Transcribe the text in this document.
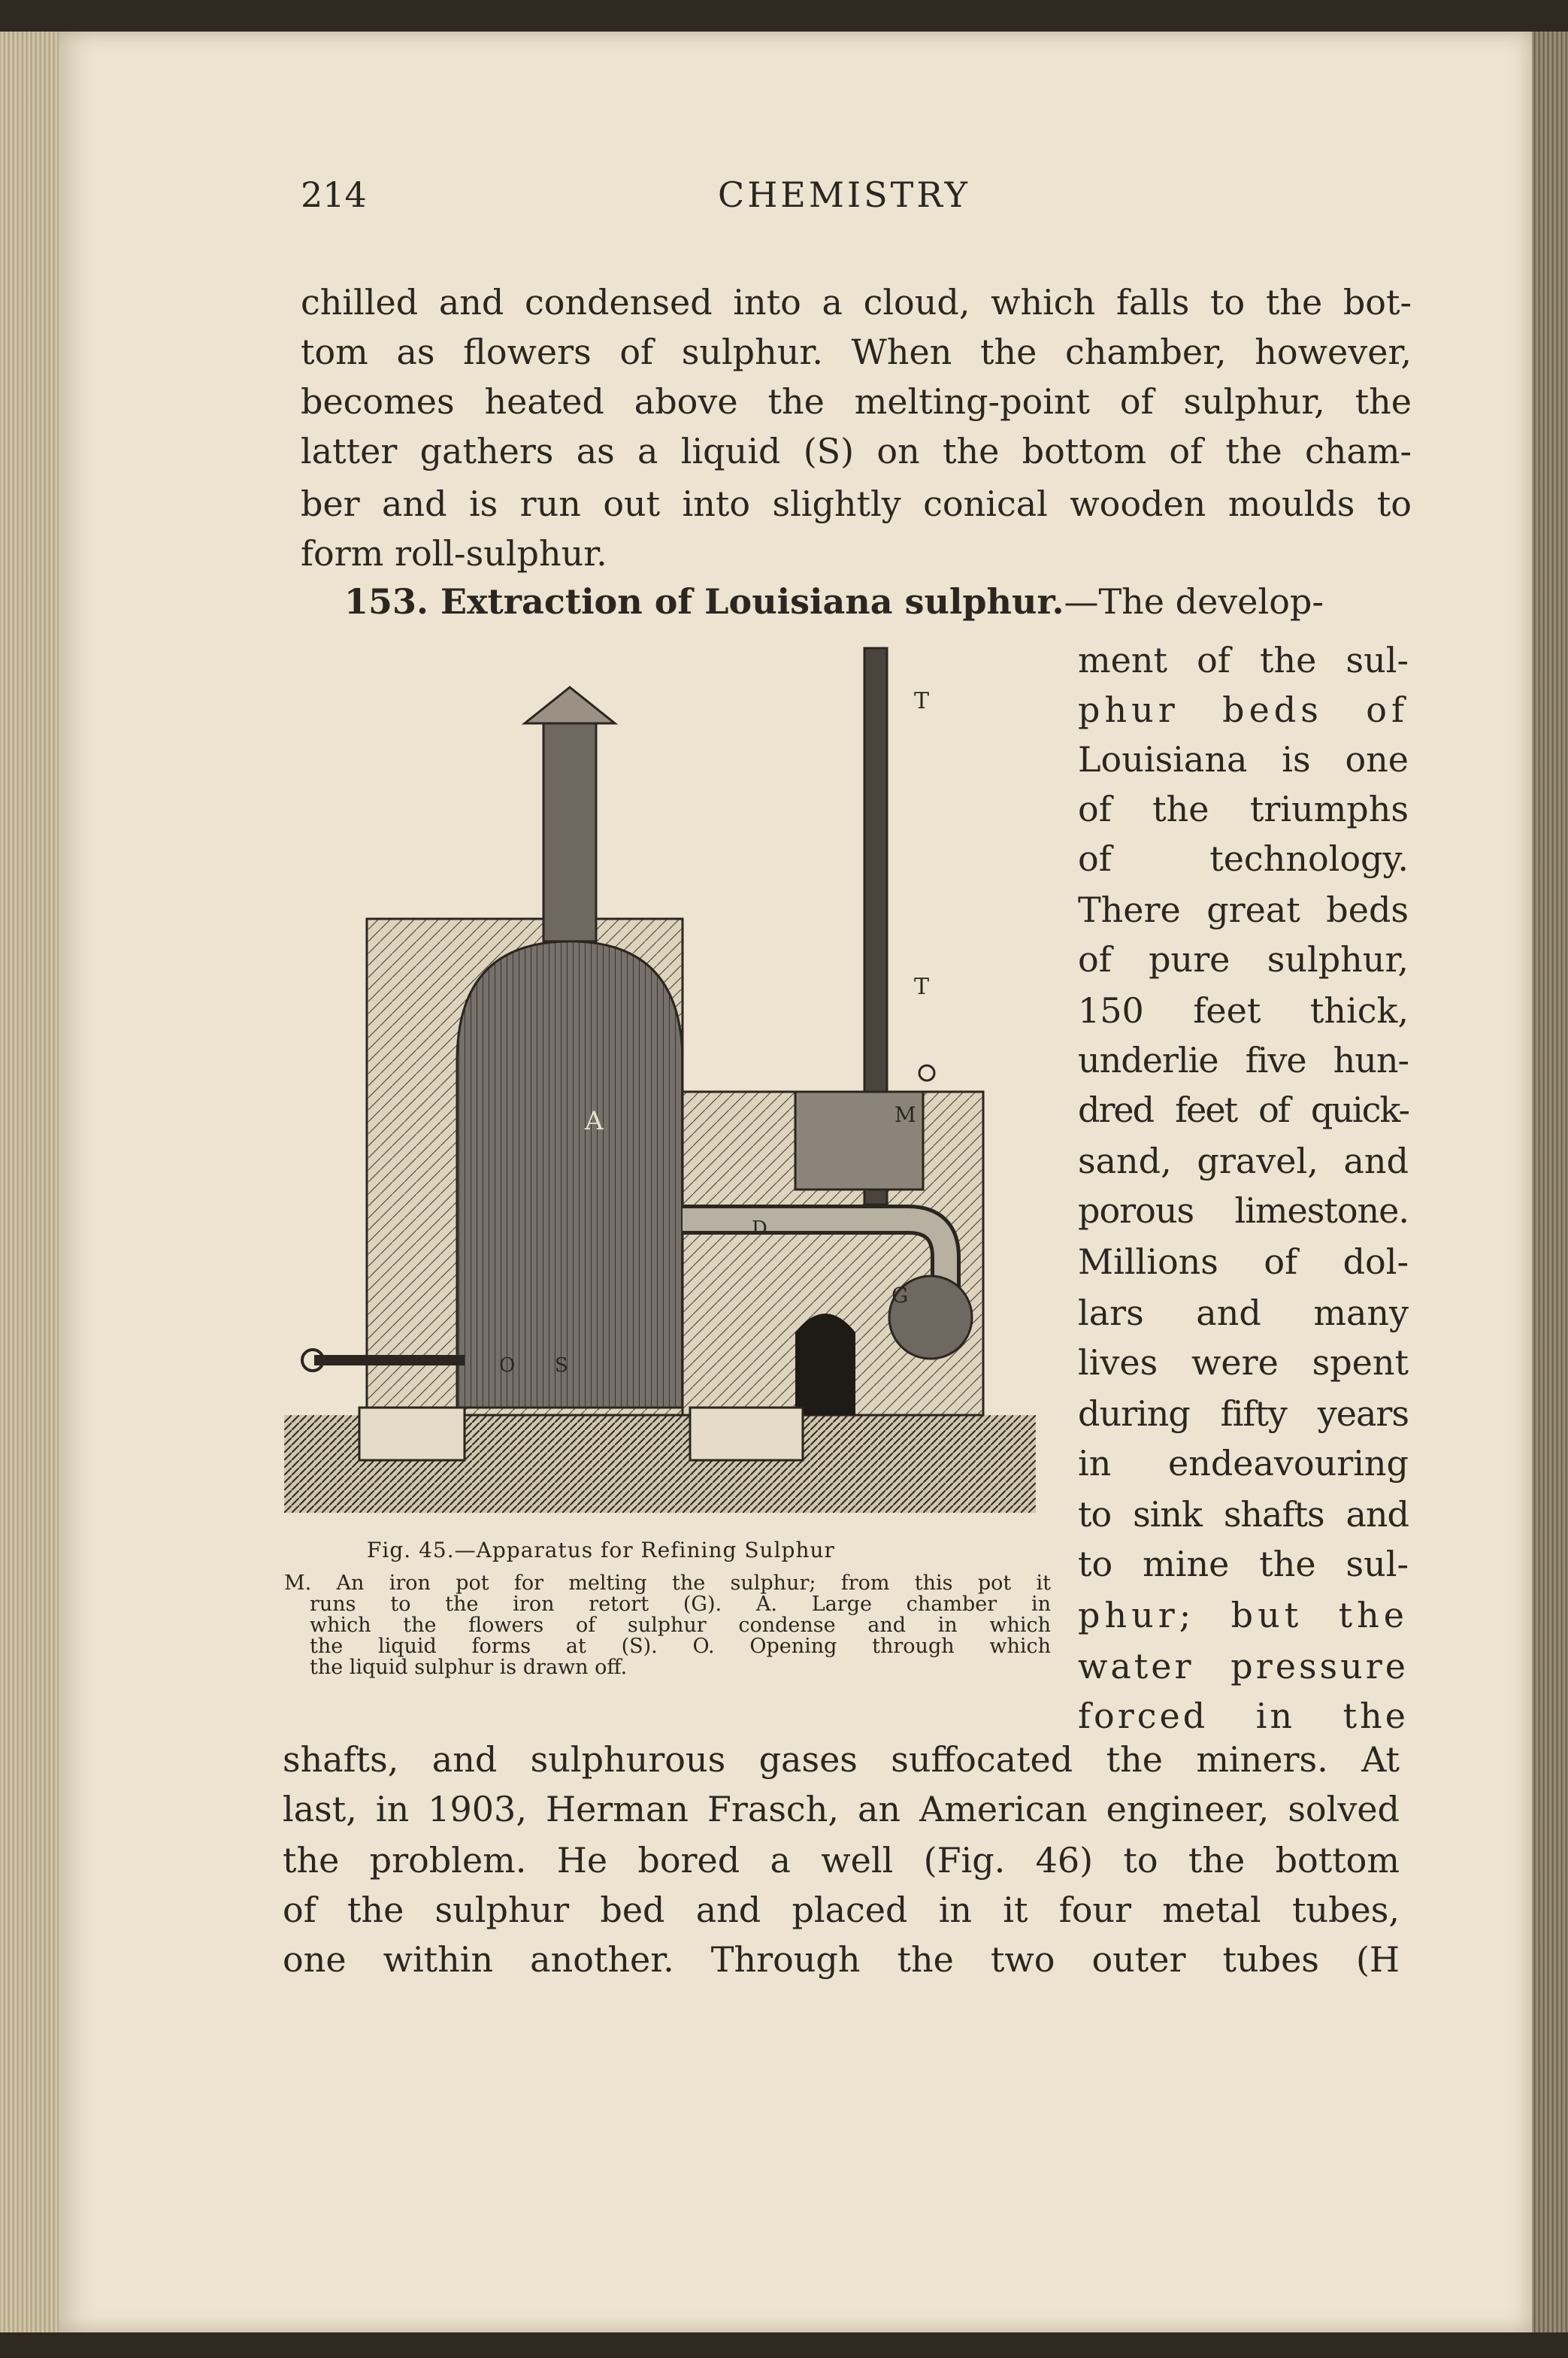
214	CHEMISTRY
chilled and condensed into a cloud, which falls to the bot-
tom as flowers of sulphur. When the chamber, however,
becomes heated above the melting-point of sulphur, the
latter gathers as a liquid (S) on the bottom of the cham-
ber and is run out into slightly conical wooden moulds to
form roll-sulphur.
153. Extraction of Louisiana sulphur.—The develop-
ment of the sul-
phur beds of
Louisiana is one
of the triumphs
of technology.
There great beds
of pure sulphur,
150 feet thick,
underlie five hun-
dred feet of quick-
sand, gravel, and
porous limestone.
Millions of dol-
lars and many
lives were spent
during fifty years
in endeavouring
to sink shafts and
to mine the sul-
phur; but the
water pressure
forced in the
T
T
M
A
D
G
O S
Fig. 45.—Apparatus for Refining Sulphur
M. An iron pot for melting the sulphur; from this pot it
runs to the iron retort (G). A. Large chamber in
which the flowers of sulphur condense and in which
the liquid forms at (S). O. Opening through which
the liquid sulphur is drawn off.
shafts, and sulphurous gases suffocated the miners. At
last, in 1903, Herman Frasch, an American engineer, solved
the problem. He bored a well (Fig. 46) to the bottom
of the sulphur bed and placed in it four metal tubes,
one within another. Through the two outer tubes (H
